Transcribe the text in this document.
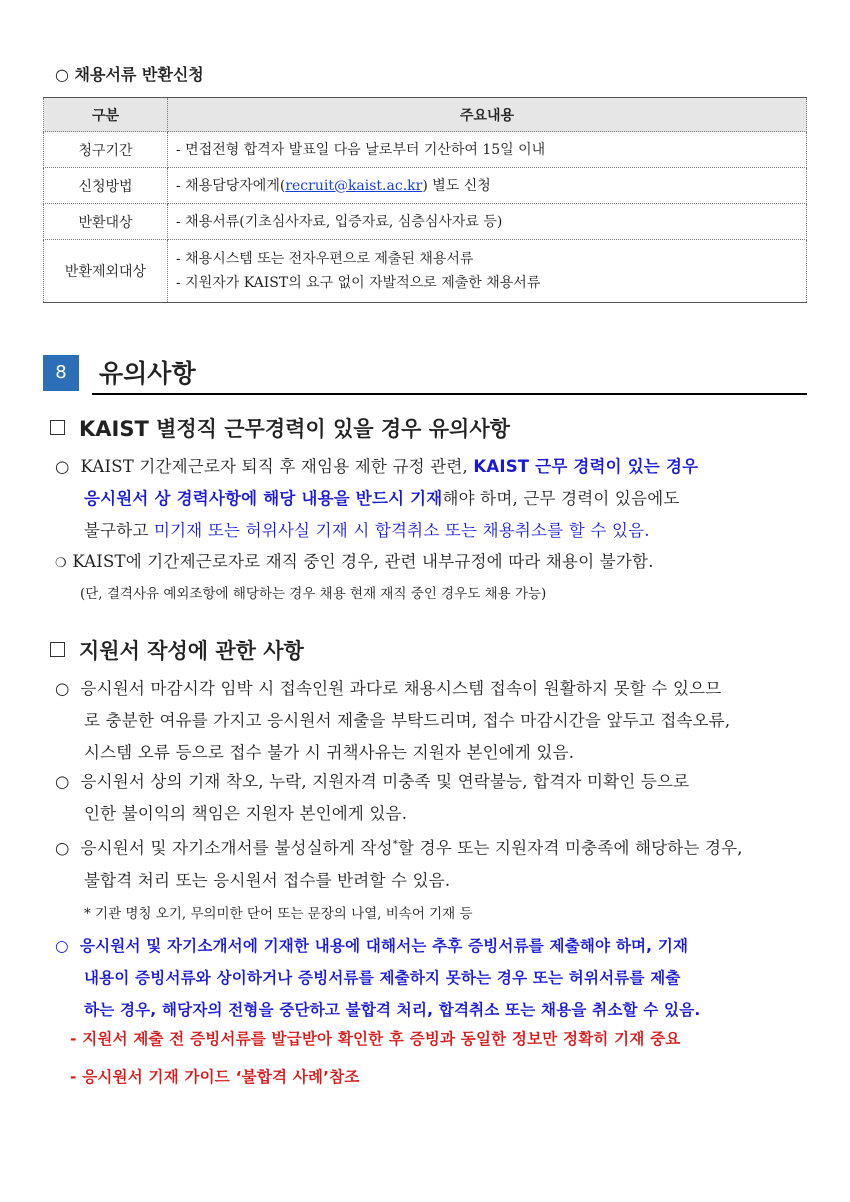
○ 채용서류 반환신청
구분	주요내용
청구기간	- 면접전형 합격자 발표일 다음 날로부터 기산하여 15일 이내

신청방법	- 채용담당자에게(recruit@kaist.ac.kr) 별도 신청

반환대상	- 채용서류(기초심사자료, 입증자료, 심층심사자료 등)

반환제외대상	- 채용시스템 또는 전자우편으로 제출된 채용서류
- 지원자가 KAIST의 요구 없이 자발적으로 제출한 채용서류
8	유의사항
KAIST 별정직 근무경력이 있을 경우 유의사항
○ KAIST 기간제근로자 퇴직 후 재임용 제한 규정 관련, KAIST 근무 경력이 있는 경우
응시원서 상 경력사항에 해당 내용을 반드시 기재해야 하며, 근무 경력이 있음에도
불구하고 미기재 또는 허위사실 기재 시 합격취소 또는 채용취소를 할 수 있음.
❍ KAIST에 기간제근로자로 재직 중인 경우, 관련 내부규정에 따라 채용이 불가함.
(단, 결격사유 예외조항에 해당하는 경우 채용 현재 재직 중인 경우도 채용 가능)
지원서 작성에 관한 사항
○ 응시원서 마감시각 임박 시 접속인원 과다로 채용시스템 접속이 원활하지 못할 수 있으므
로 충분한 여유를 가지고 응시원서 제출을 부탁드리며, 접수 마감시간을 앞두고 접속오류,
시스템 오류 등으로 접수 불가 시 귀책사유는 지원자 본인에게 있음.
○ 응시원서 상의 기재 착오, 누락, 지원자격 미충족 및 연락불능, 합격자 미확인 등으로
인한 불이익의 책임은 지원자 본인에게 있음.
○ 응시원서 및 자기소개서를 불성실하게 작성*할 경우 또는 지원자격 미충족에 해당하는 경우,
불합격 처리 또는 응시원서 접수를 반려할 수 있음.
* 기관 명칭 오기, 무의미한 단어 또는 문장의 나열, 비속어 기재 등
○  응시원서 및 자기소개서에 기재한 내용에 대해서는 추후 증빙서류를 제출해야 하며, 기재
내용이 증빙서류와 상이하거나 증빙서류를 제출하지 못하는 경우 또는 허위서류를 제출
하는 경우, 해당자의 전형을 중단하고 불합격 처리, 합격취소 또는 채용을 취소할 수 있음.
- 지원서 제출 전 증빙서류를 발급받아 확인한 후 증빙과 동일한 정보만 정확히 기재 중요
- 응시원서 기재 가이드 ‘불합격 사례’참조
